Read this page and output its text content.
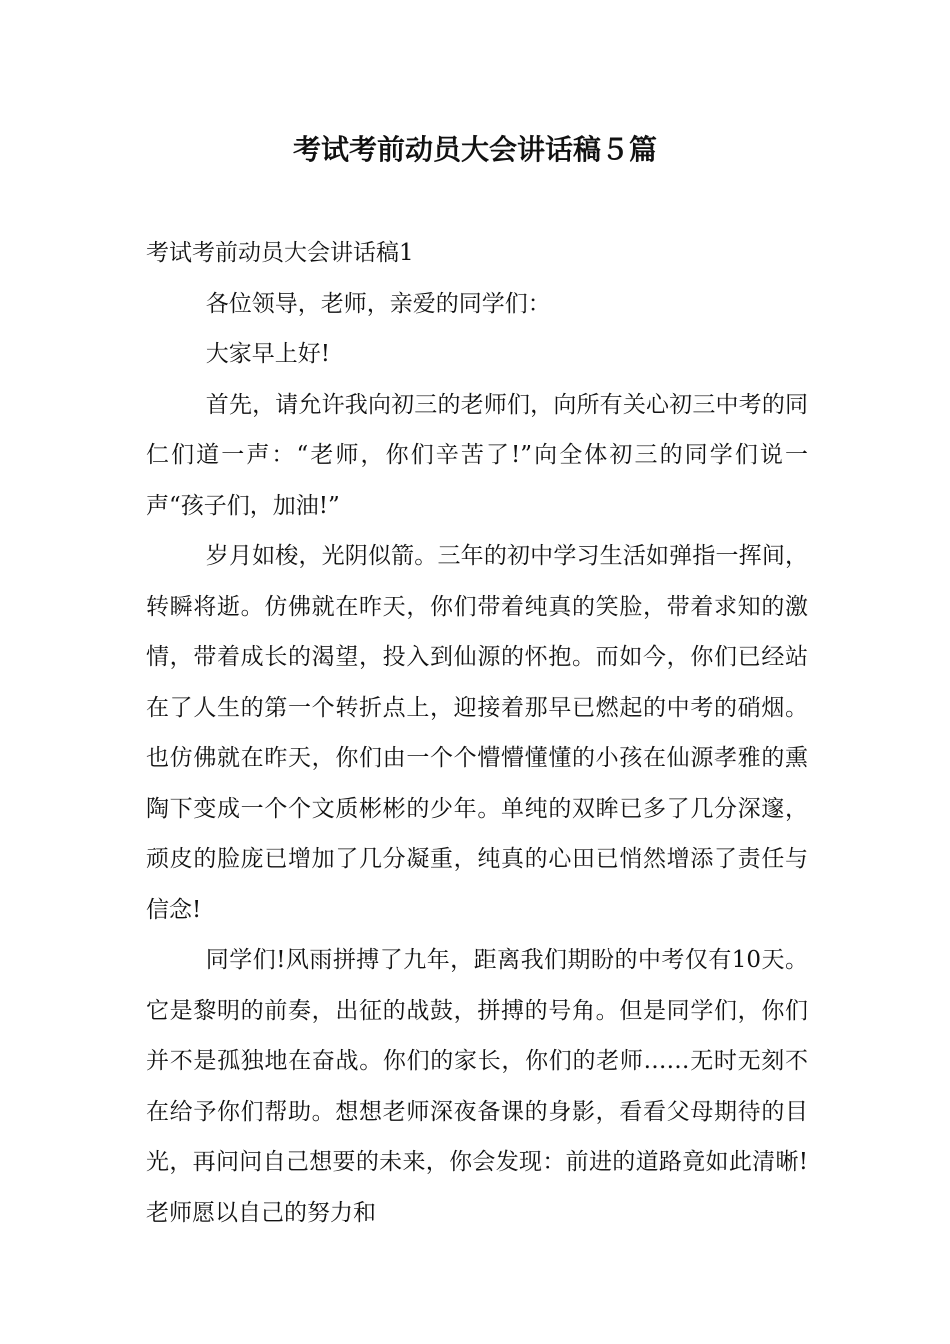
考试考前动员大会讲话稿５篇

考试考前动员大会讲话稿1

各位领导，老师，亲爱的同学们：

大家早上好!

首先，请允许我向初三的老师们，向所有关心初三中考的同仁们道一声：“老师，你们辛苦了!”向全体初三的同学们说一声“孩子们，加油!”

岁月如梭，光阴似箭。三年的初中学习生活如弹指一挥间，转瞬将逝。仿佛就在昨天，你们带着纯真的笑脸，带着求知的激情，带着成长的渴望，投入到仙源的怀抱。而如今，你们已经站在了人生的第一个转折点上，迎接着那早已燃起的中考的硝烟。也仿佛就在昨天，你们由一个个懵懵懂懂的小孩在仙源孝雅的熏陶下变成一个个文质彬彬的少年。单纯的双眸已多了几分深邃，顽皮的脸庞已增加了几分凝重，纯真的心田已悄然增添了责任与信念!

同学们!风雨拼搏了九年，距离我们期盼的中考仅有10天。它是黎明的前奏，出征的战鼓，拼搏的号角。但是同学们，你们并不是孤独地在奋战。你们的家长，你们的老师……无时无刻不在给予你们帮助。想想老师深夜备课的身影，看看父母期待的目光，再问问自己想要的未来，你会发现：前进的道路竟如此清晰!老师愿以自己的努力和
